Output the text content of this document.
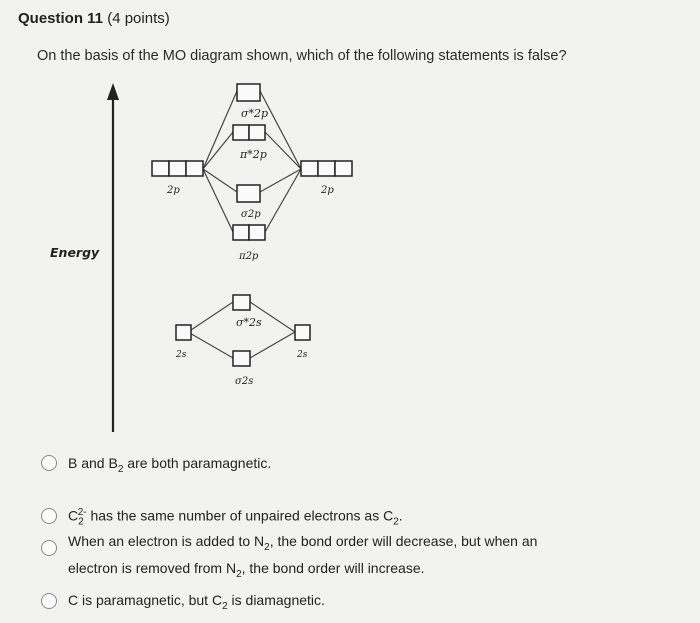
Question 11 (4 points)
On the basis of the MO diagram shown, which of the following statements is false?
2p	2p
2s	2s
σ*2p
π*2p
σ2p
π2p
σ*2s
σ2s
Energy
B and $B_2$ are both paramagnetic.
$C_2^{2-}$ has the same number of unpaired electrons as $C_2$.
When an electron is added to $N_2$, the bond order will decrease, but when an
electron is removed from $N_2$, the bond order will increase.
C is paramagnetic, but $C_2$ is diamagnetic.
